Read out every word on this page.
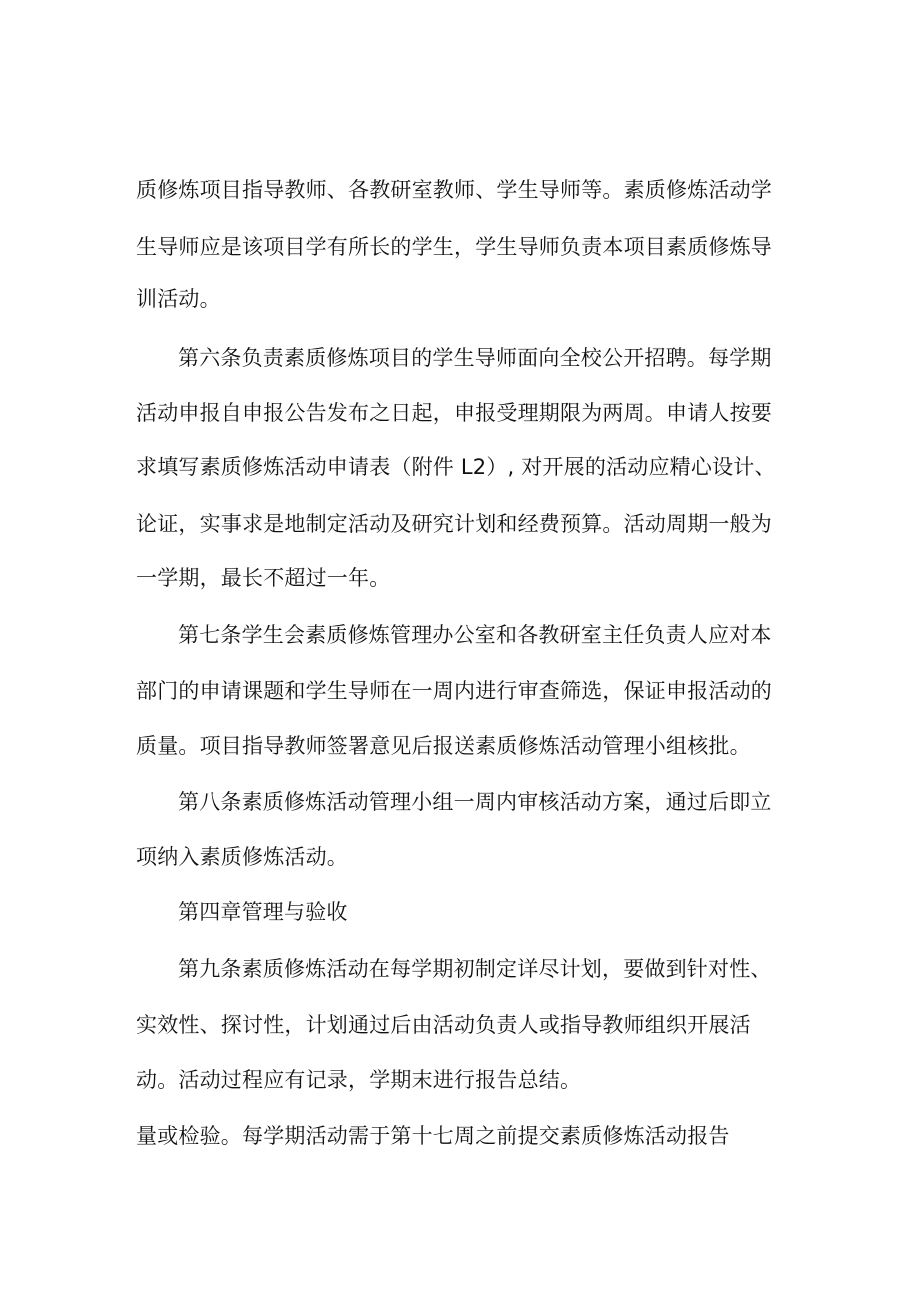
质修炼项目指导教师、各教研室教师、学生导师等。素质修炼活动学
生导师应是该项目学有所长的学生，学生导师负责本项目素质修炼导
训活动。
第六条负责素质修炼项目的学生导师面向全校公开招聘。每学期
活动申报自申报公告发布之日起，申报受理期限为两周。申请人按要
求填写素质修炼活动申请表（附件 L2）, 对开展的活动应精心设计、
论证，实事求是地制定活动及研究计划和经费预算。活动周期一般为
一学期，最长不超过一年。
第七条学生会素质修炼管理办公室和各教研室主任负责人应对本
部门的申请课题和学生导师在一周内进行审查筛选，保证申报活动的
质量。项目指导教师签署意见后报送素质修炼活动管理小组核批。
第八条素质修炼活动管理小组一周内审核活动方案，通过后即立
项纳入素质修炼活动。
第四章管理与验收
第九条素质修炼活动在每学期初制定详尽计划，要做到针对性、
实效性、探讨性，计划通过后由活动负责人或指导教师组织开展活
动。活动过程应有记录，学期末进行报告总结。
量或检验。每学期活动需于第十七周之前提交素质修炼活动报告
